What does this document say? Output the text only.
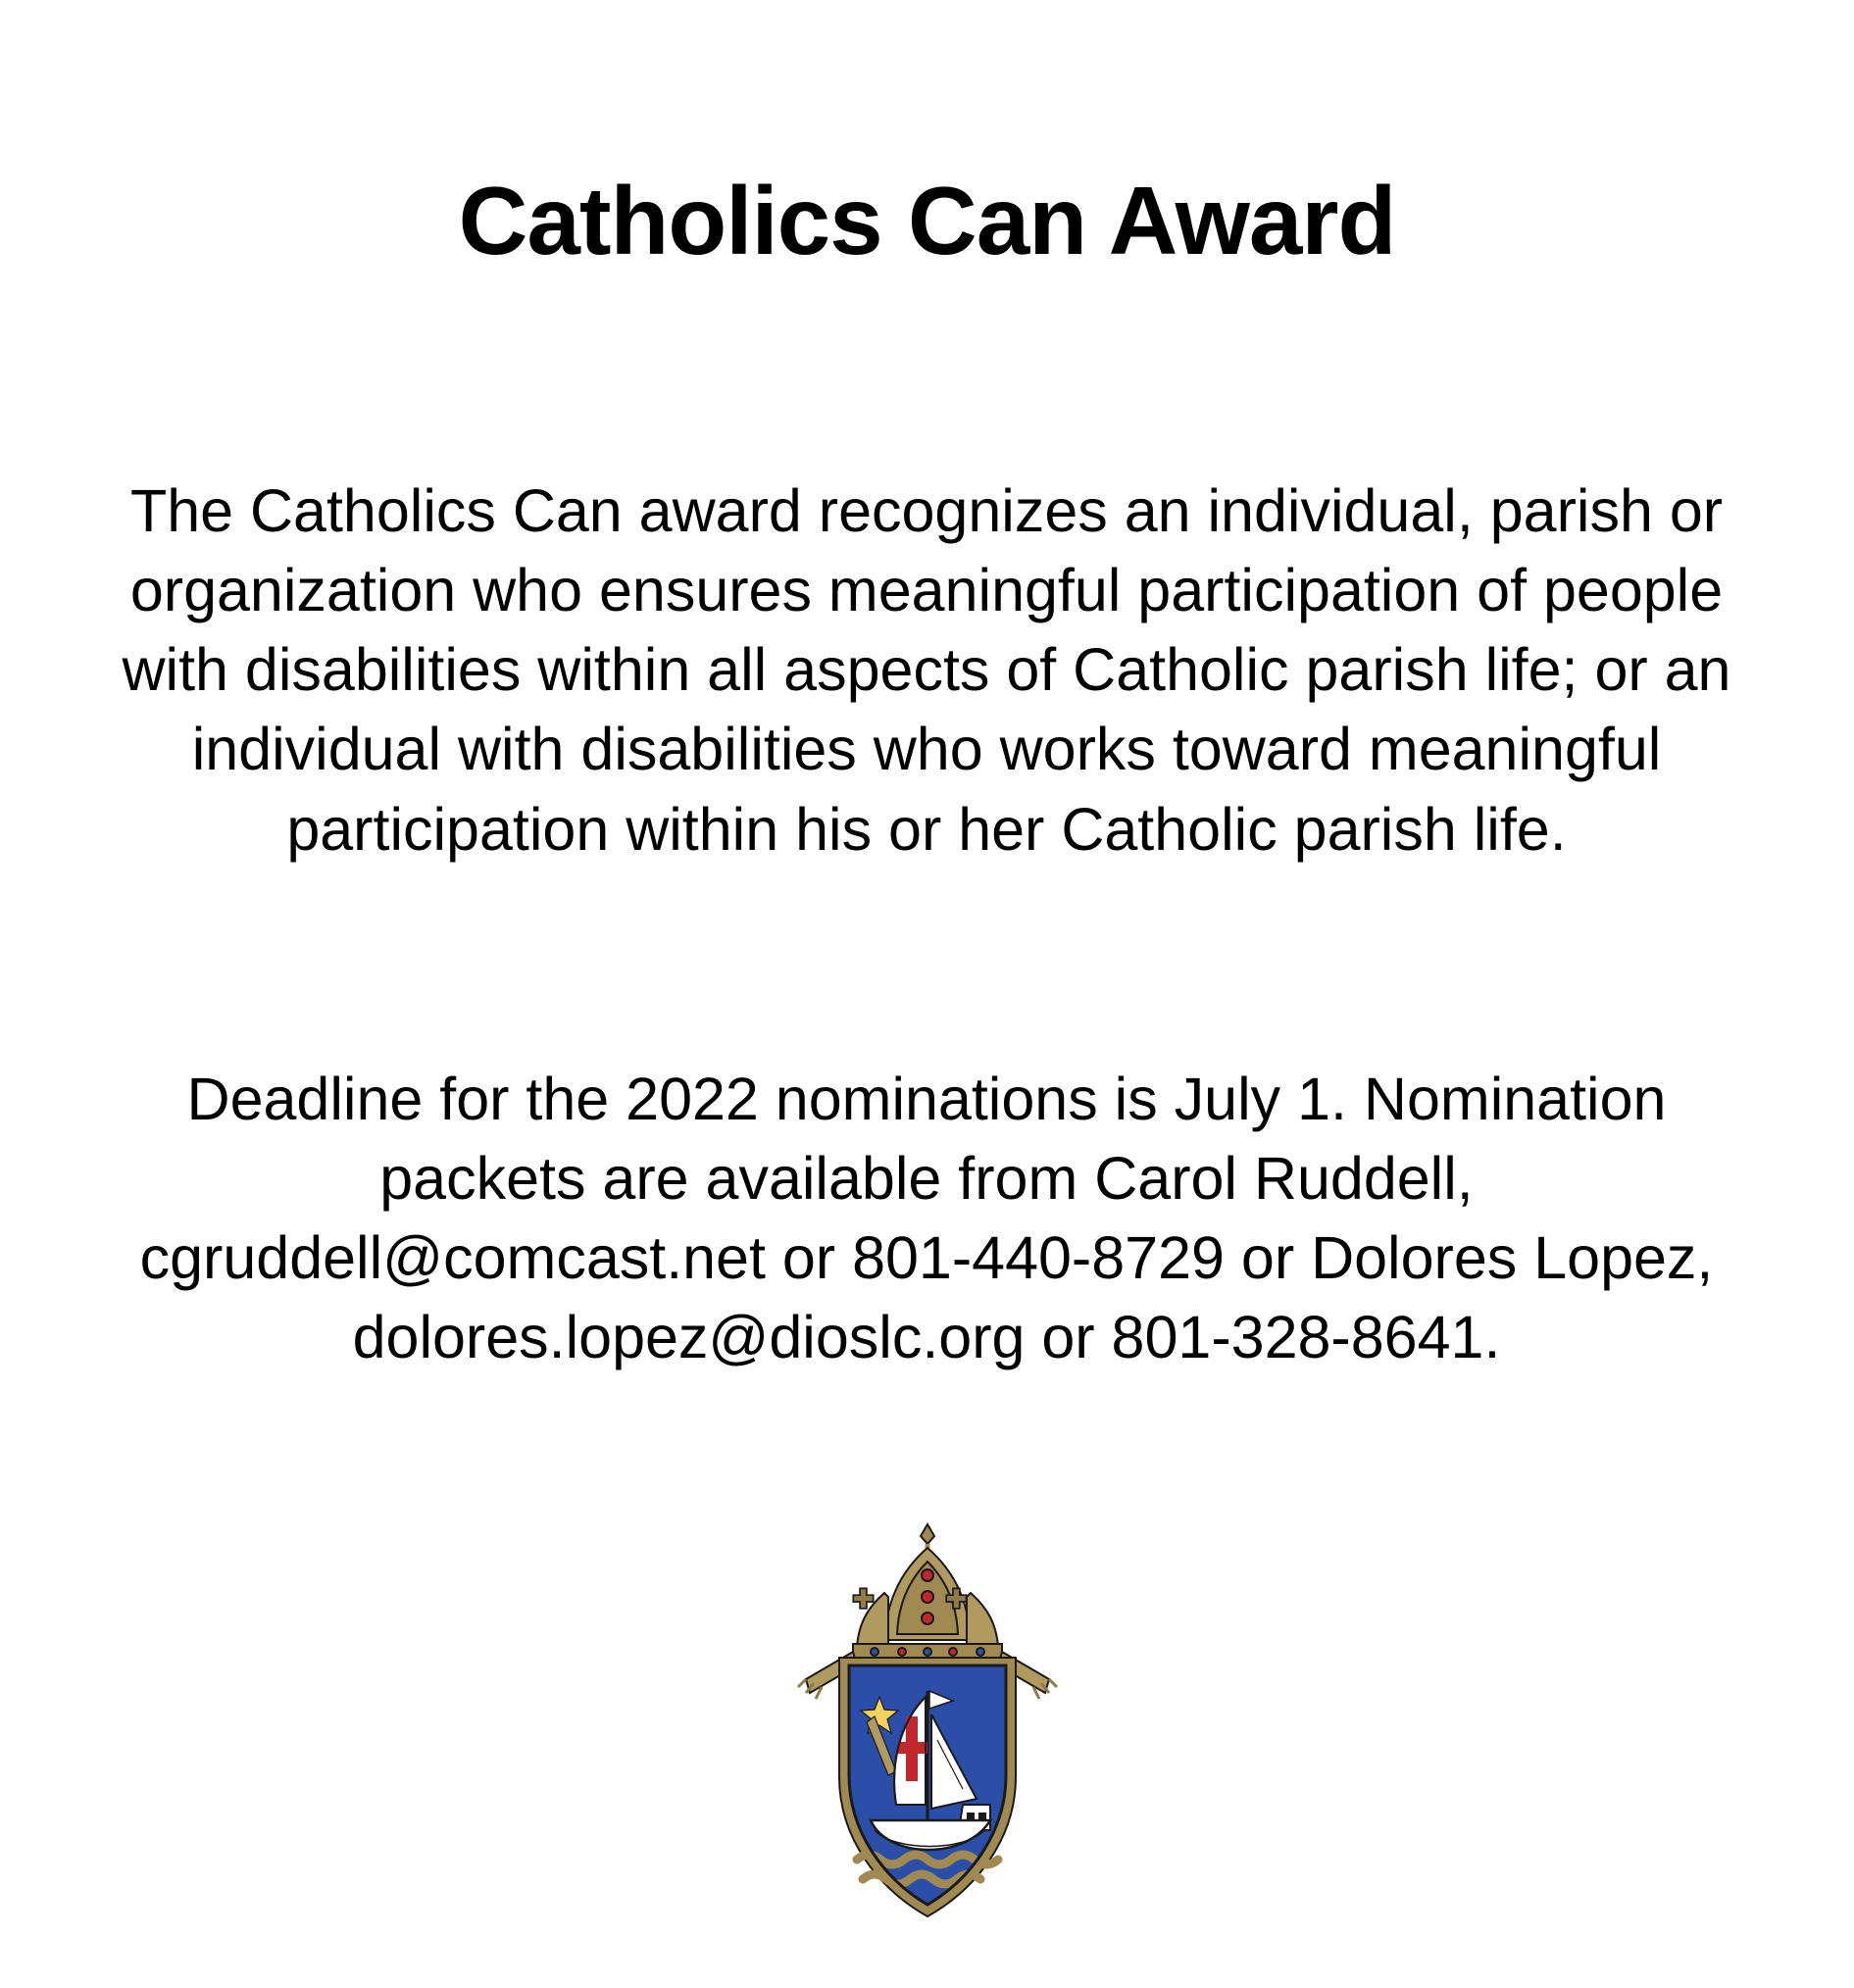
Catholics Can Award

The Catholics Can award recognizes an individual, parish or organization who ensures meaningful participation of people with disabilities within all aspects of Catholic parish life; or an individual with disabilities who works toward meaningful participation within his or her Catholic parish life.

Deadline for the 2022 nominations is July 1. Nomination packets are available from Carol Ruddell, cgruddell@comcast.net or 801-440-8729 or Dolores Lopez, dolores.lopez@dioslc.org or 801-328-8641.
